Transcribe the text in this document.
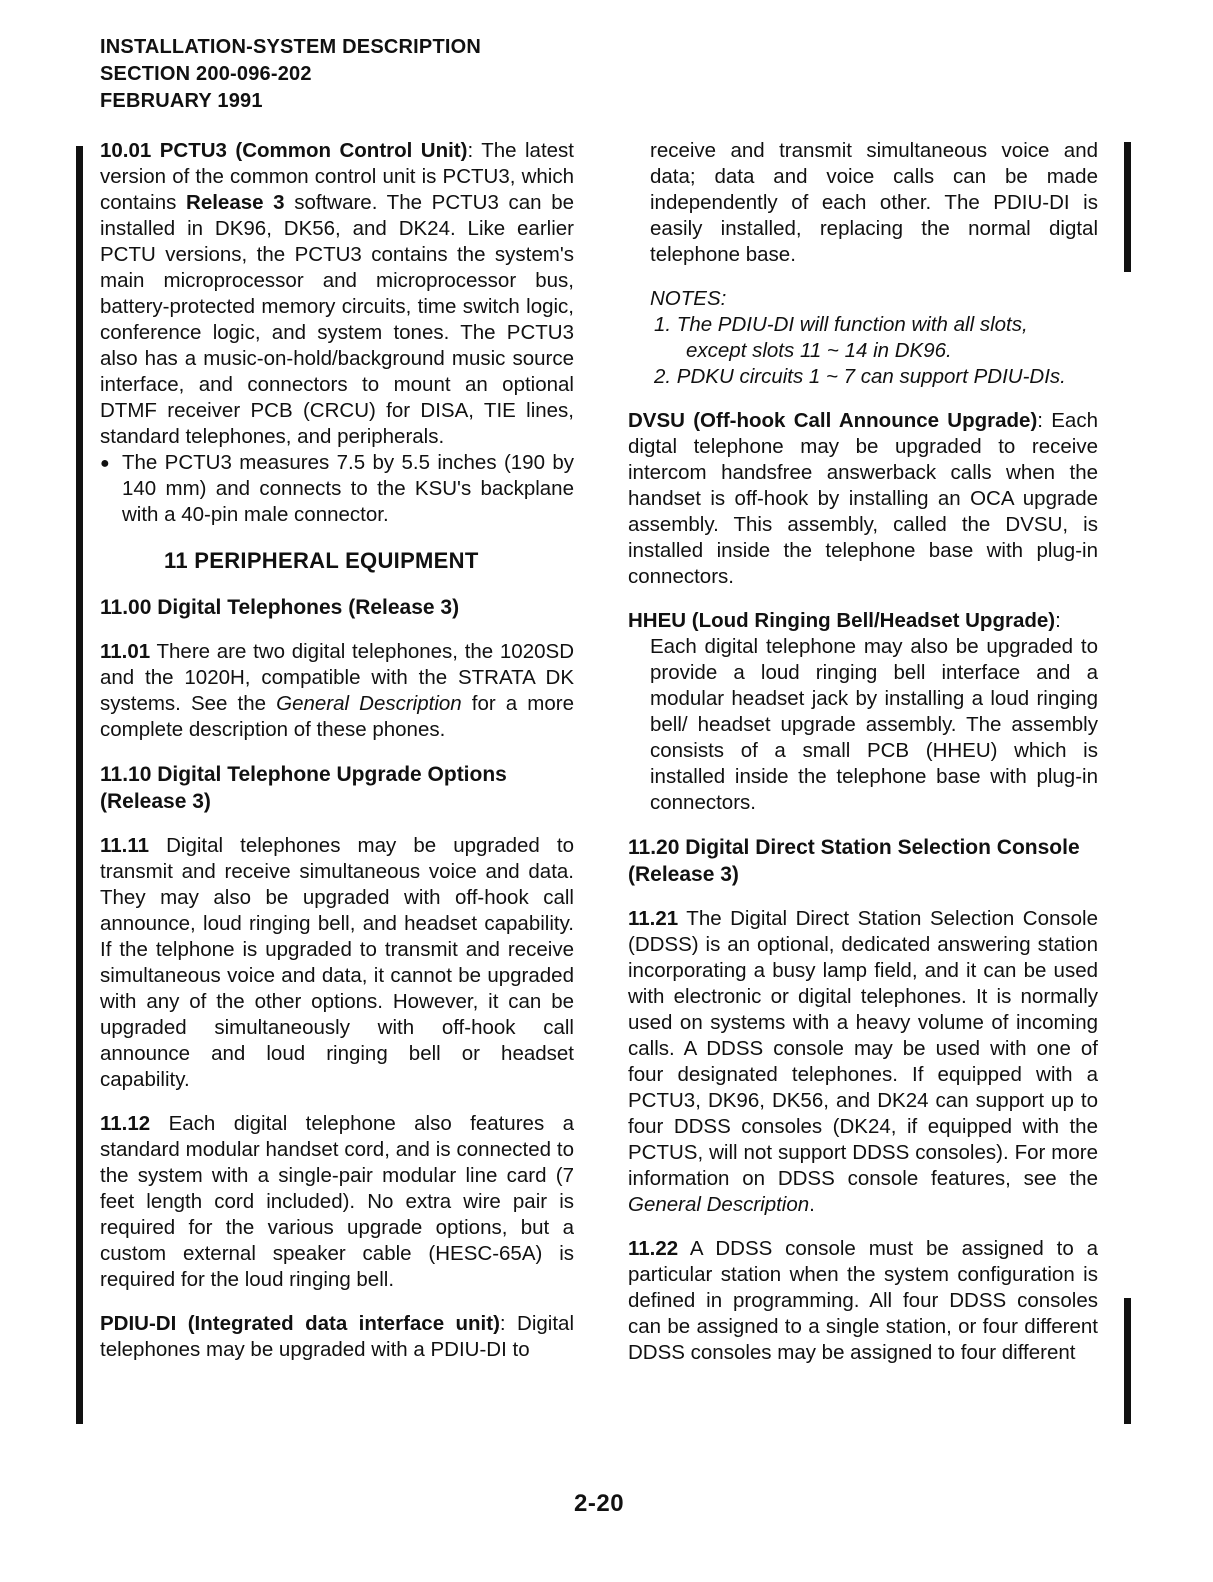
INSTALLATION-SYSTEM DESCRIPTION
SECTION 200-096-202
FEBRUARY 1991

10.01 PCTU3 (Common Control Unit): The latest version of the common control unit is PCTU3, which contains Release 3 software. The PCTU3 can be installed in DK96, DK56, and DK24. Like earlier PCTU versions, the PCTU3 contains the system's main microprocessor and microprocessor bus, battery-protected memory circuits, time switch logic, conference logic, and system tones. The PCTU3 also has a music-on-hold/background music source interface, and connectors to mount an optional DTMF receiver PCB (CRCU) for DISA, TIE lines, standard telephones, and peripherals.

● The PCTU3 measures 7.5 by 5.5 inches (190 by 140 mm) and connects to the KSU's backplane with a 40-pin male connector.

11 PERIPHERAL EQUIPMENT
11.00 Digital Telephones (Release 3)

11.01 There are two digital telephones, the 1020SD and the 1020H, compatible with the STRATA DK systems. See the General Description for a more complete description of these phones.

11.10 Digital Telephone Upgrade Options (Release 3)

11.11 Digital telephones may be upgraded to transmit and receive simultaneous voice and data. They may also be upgraded with off-hook call announce, loud ringing bell, and headset capability. If the telphone is upgraded to transmit and receive simultaneous voice and data, it cannot be upgraded with any of the other options. However, it can be upgraded simultaneously with off-hook call announce and loud ringing bell or headset capability.

11.12 Each digital telephone also features a standard modular handset cord, and is connected to the system with a single-pair modular line card (7 feet length cord included). No extra wire pair is required for the various upgrade options, but a custom external speaker cable (HESC-65A) is required for the loud ringing bell.

PDIU-DI (Integrated data interface unit): Digital telephones may be upgraded with a PDIU-DI to

receive and transmit simultaneous voice and data; data and voice calls can be made independently of each other. The PDIU-DI is easily installed, replacing the normal digtal telephone base.

NOTES:

1. The PDIU-DI will function with all slots,
except slots 11 ~ 14 in DK96.
2. PDKU circuits 1 ~ 7 can support PDIU-DIs.

DVSU (Off-hook Call Announce Upgrade): Each digtal telephone may be upgraded to receive intercom handsfree answerback calls when the handset is off-hook by installing an OCA upgrade assembly. This assembly, called the DVSU, is installed inside the telephone base with plug-in connectors.

HHEU (Loud Ringing Bell/Headset Upgrade):

Each digital telephone may also be upgraded to provide a loud ringing bell interface and a modular headset jack by installing a loud ringing bell/ headset upgrade assembly. The assembly consists of a small PCB (HHEU) which is installed inside the telephone base with plug-in connectors.

11.20 Digital Direct Station Selection Console (Release 3)

11.21 The Digital Direct Station Selection Console (DDSS) is an optional, dedicated answering station incorporating a busy lamp field, and it can be used with electronic or digital telephones. It is normally used on systems with a heavy volume of incoming calls. A DDSS console may be used with one of four designated telephones. If equipped with a PCTU3, DK96, DK56, and DK24 can support up to four DDSS consoles (DK24, if equipped with the PCTUS, will not support DDSS consoles). For more information on DDSS console features, see the General Description.

11.22 A DDSS console must be assigned to a particular station when the system configuration is defined in programming. All four DDSS consoles can be assigned to a single station, or four different DDSS consoles may be assigned to four different

2-20
